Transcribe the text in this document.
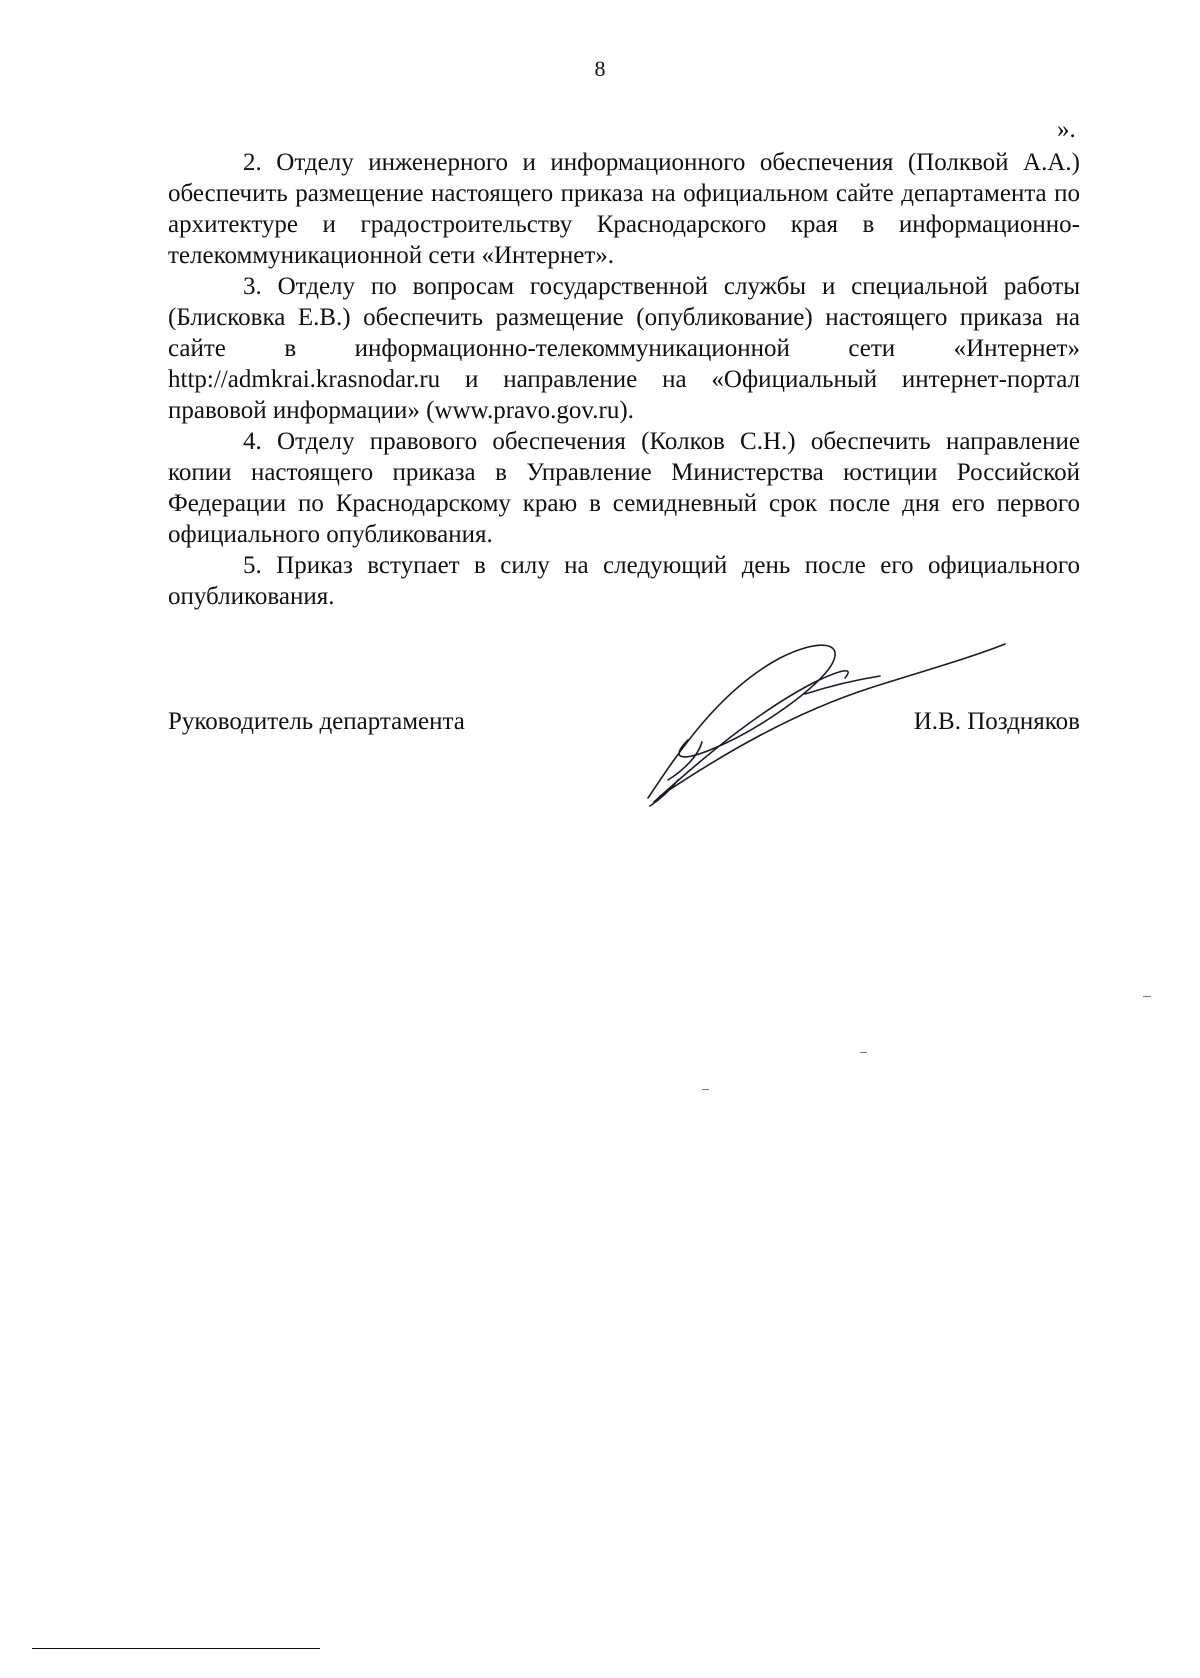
8
».

2. Отделу инженерного и информационного обеспечения (Полквой А.А.) обеспечить размещение настоящего приказа на официальном сайте департамента по архитектуре и градостроительству Краснодарского края в информационно-телекоммуникационной сети «Интернет».

3. Отделу по вопросам государственной службы и специальной работы (Блисковка Е.В.) обеспечить размещение (опубликование) настоящего приказа на сайте в информационно-телекоммуникационной сети «Интернет» http://admkrai.krasnodar.ru и направление на «Официальный интернет-портал правовой информации» (www.pravo.gov.ru).

4. Отделу правового обеспечения (Колков С.Н.) обеспечить направление копии настоящего приказа в Управление Министерства юстиции Российской Федерации по Краснодарскому краю в семидневный срок после дня его первого официального опубликования.

5. Приказ вступает в силу на следующий день после его официального опубликования.

Руководитель департамента	И.В. Поздняков
